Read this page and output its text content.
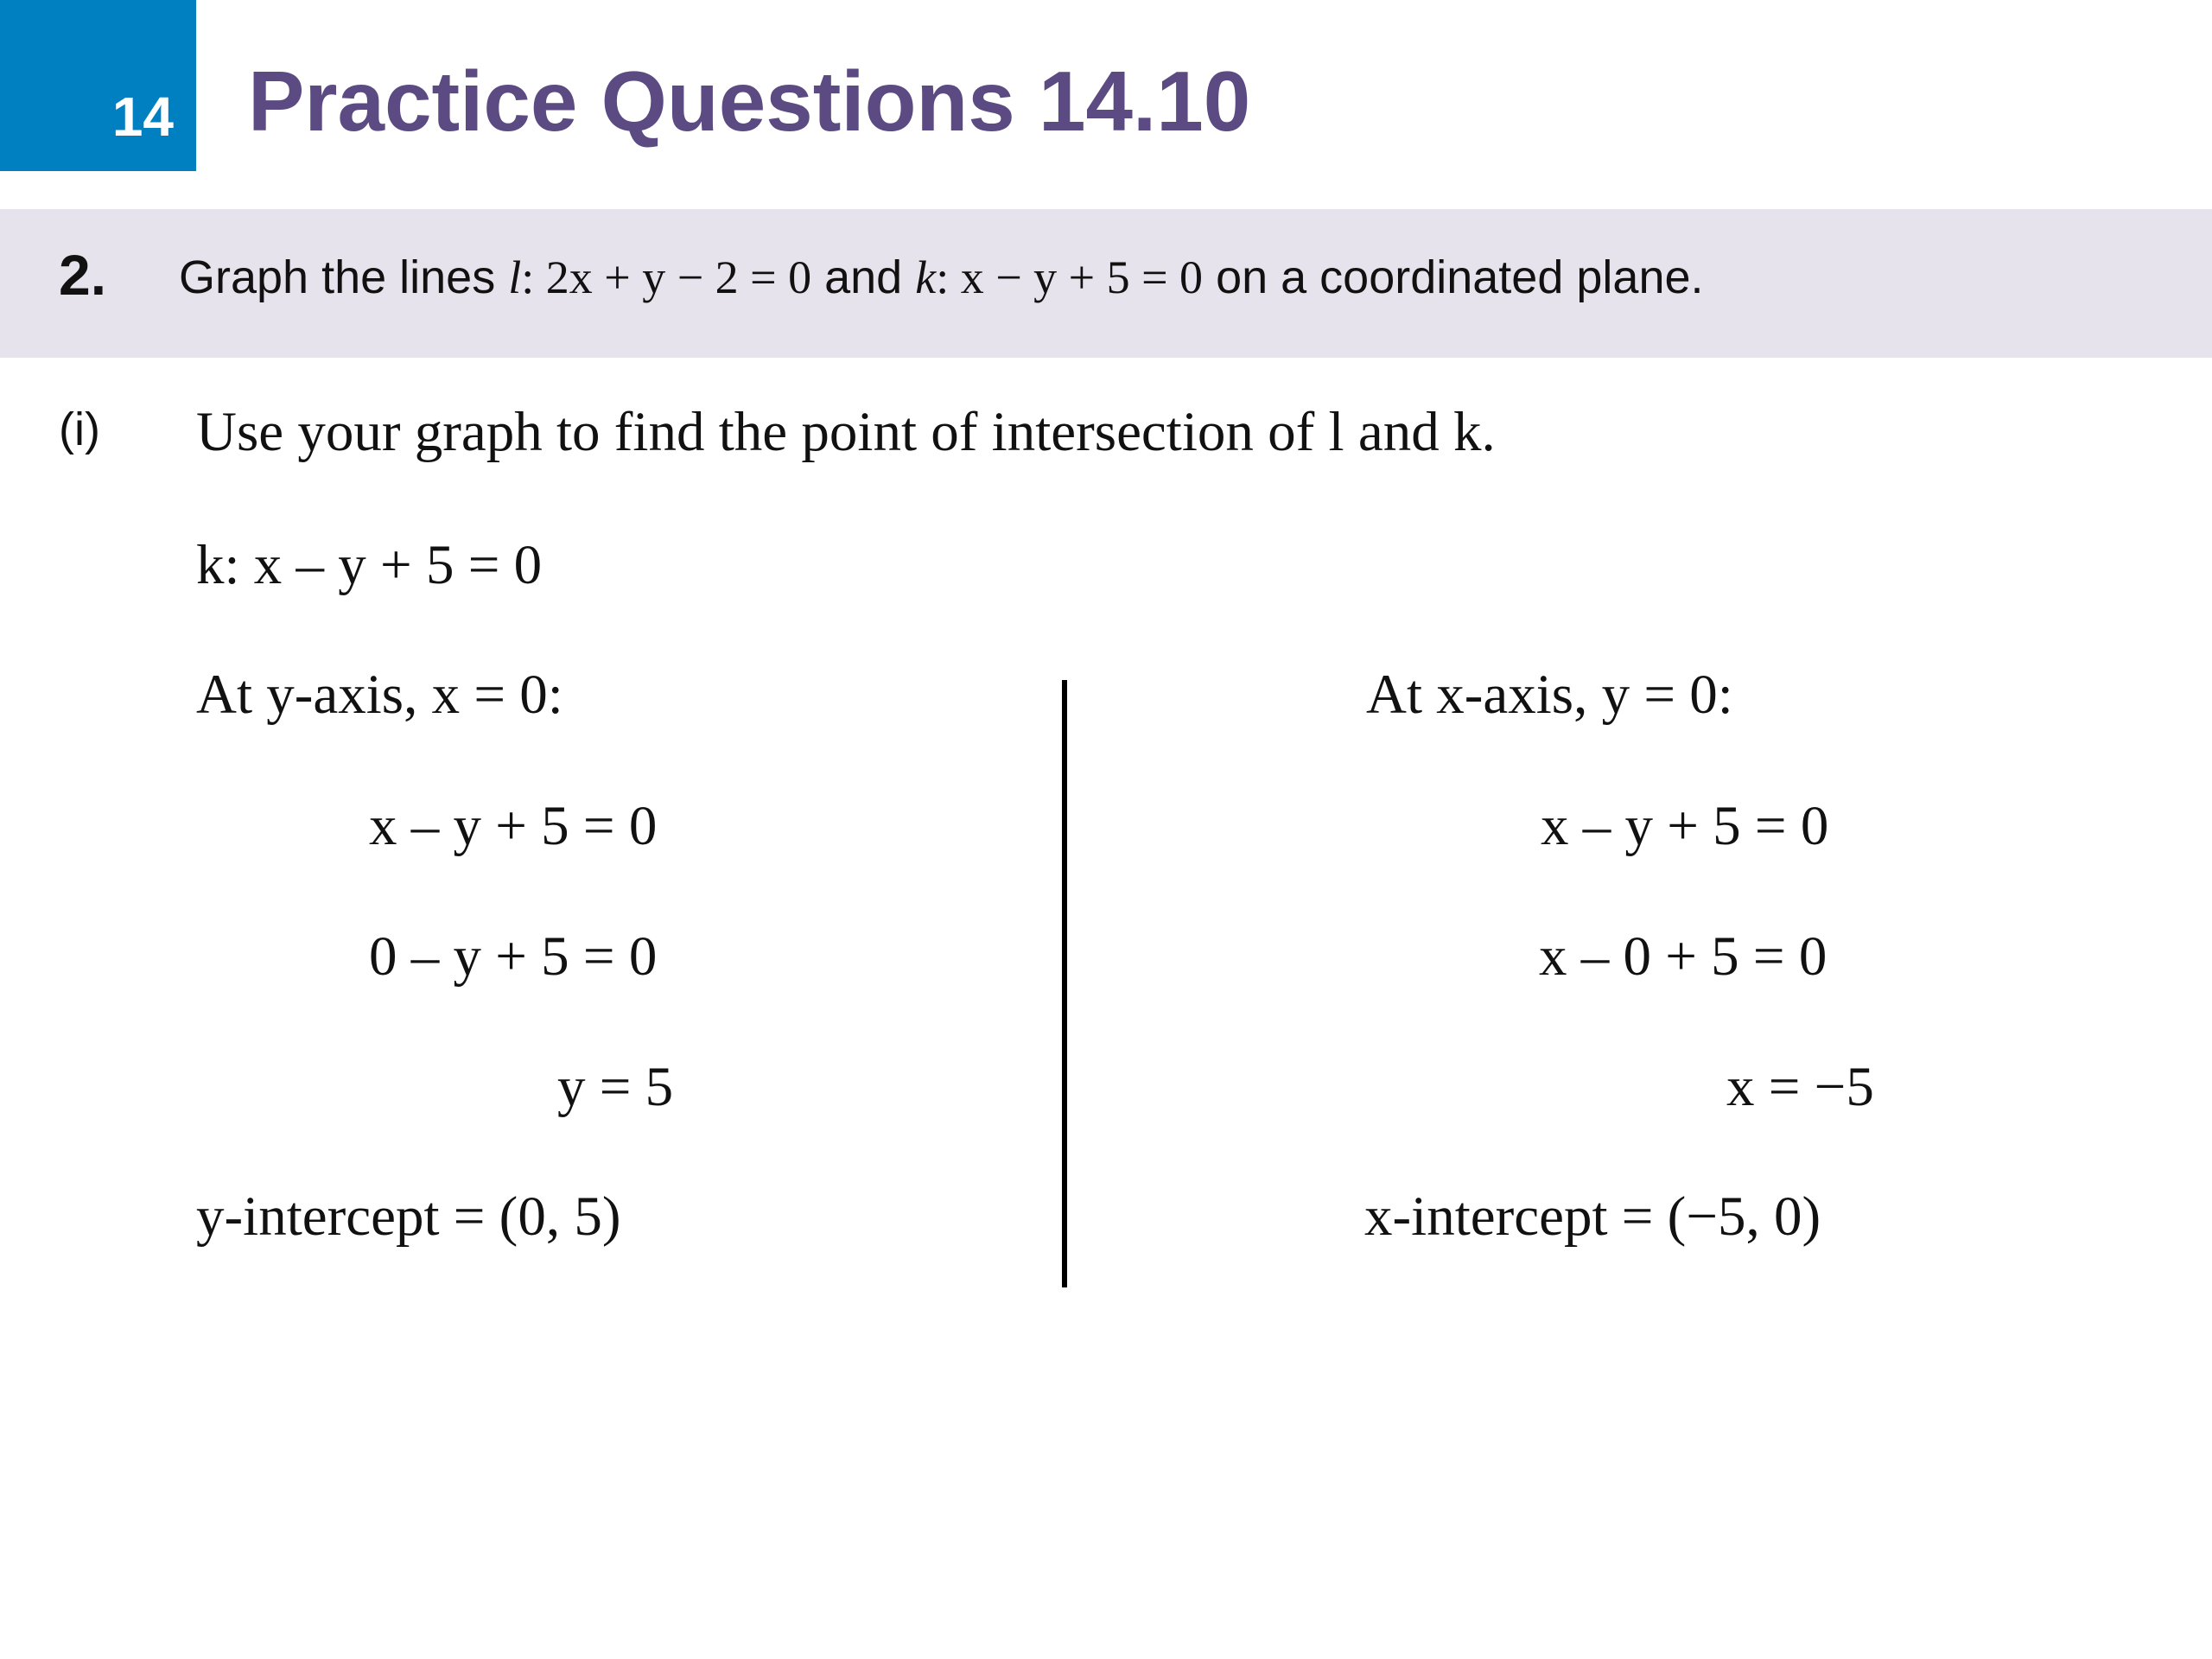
14 Practice Questions 14.10
2. Graph the lines l: 2x + y − 2 = 0 and k: x − y + 5 = 0 on a coordinated plane.
(i) Use your graph to find the point of intersection of l and k.
k: x – y + 5 = 0
At y-axis, x = 0:
x – y + 5 = 0
0 – y + 5 = 0
y = 5
y-intercept = (0, 5)
At x-axis, y = 0:
x – y + 5 = 0
x – 0 + 5 = 0
x = −5
x-intercept = (−5, 0)
